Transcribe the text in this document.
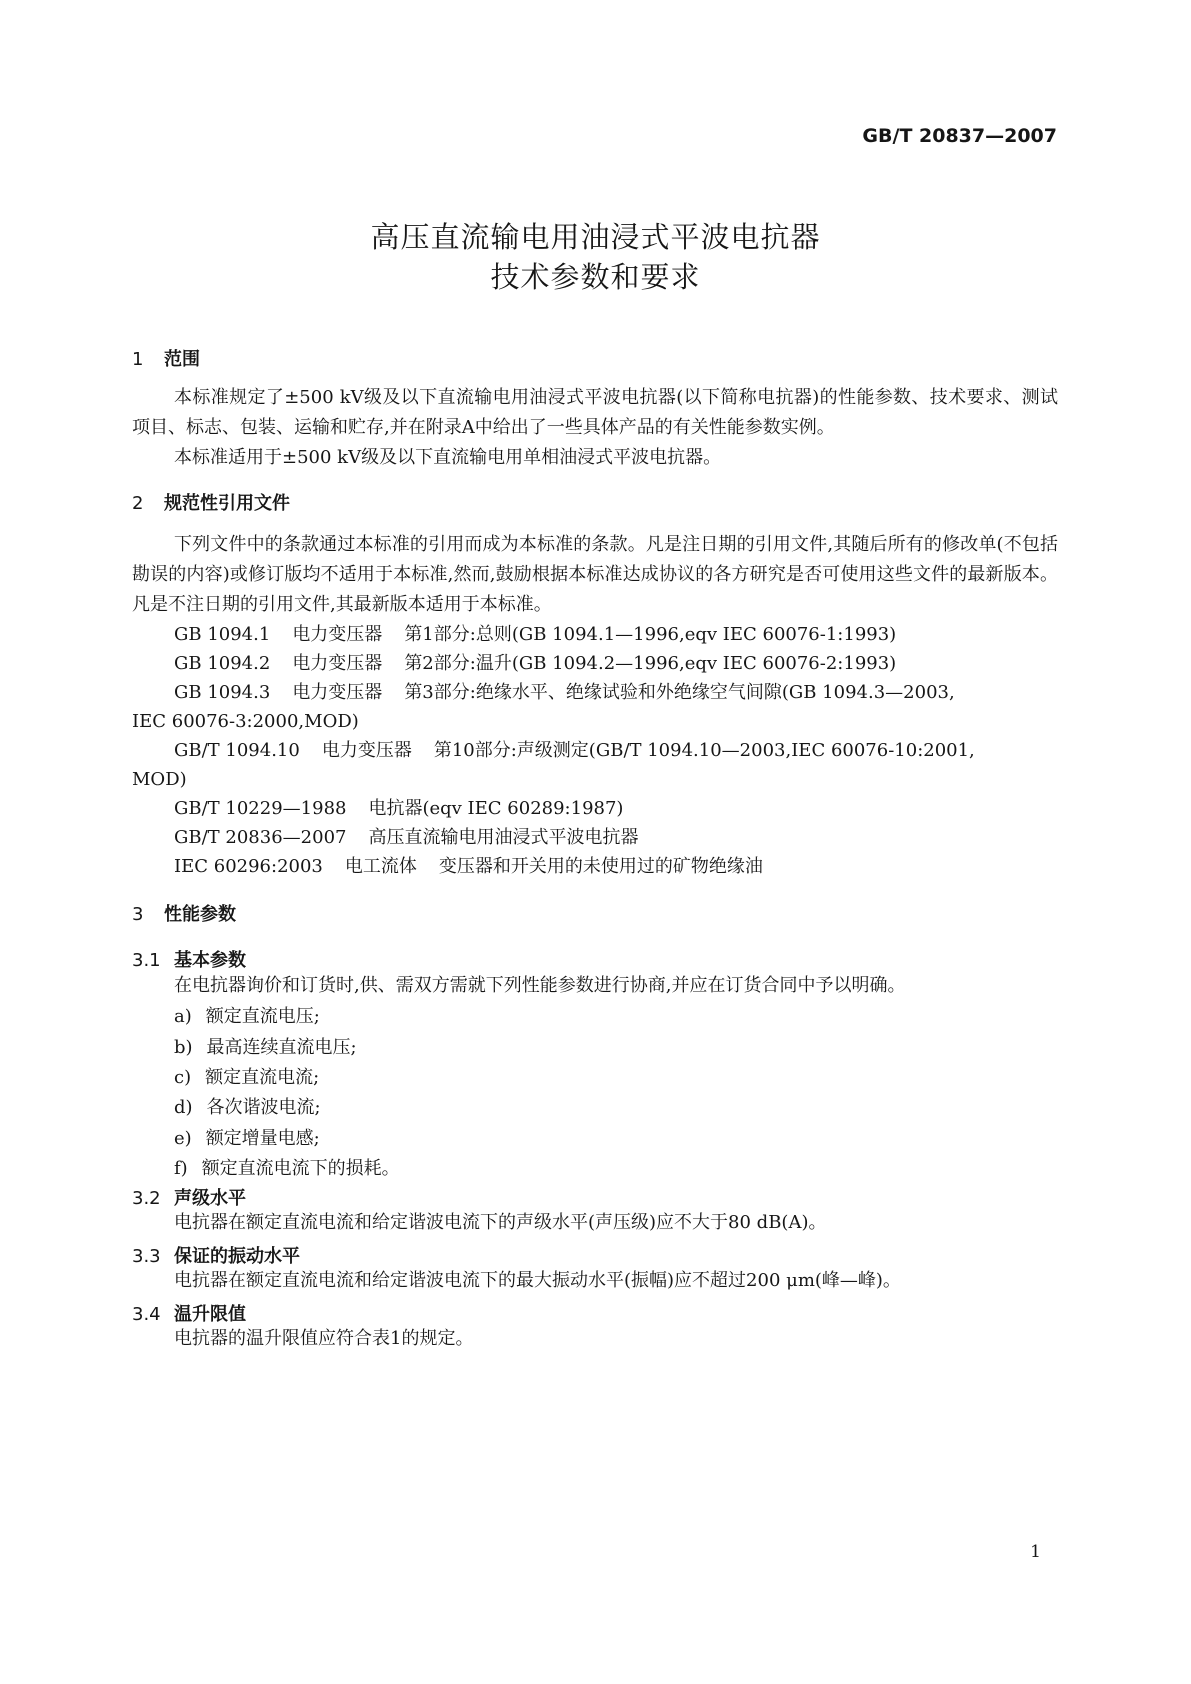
GB/T 20837—2007
高压直流输电用油浸式平波电抗器
技术参数和要求
1 范围
本标准规定了±500 kV级及以下直流输电用油浸式平波电抗器(以下简称电抗器)的性能参数、技术要求、测试项目、标志、包装、运输和贮存,并在附录A中给出了一些具体产品的有关性能参数实例。
本标准适用于±500 kV级及以下直流输电用单相油浸式平波电抗器。
2 规范性引用文件
下列文件中的条款通过本标准的引用而成为本标准的条款。凡是注日期的引用文件,其随后所有的修改单(不包括勘误的内容)或修订版均不适用于本标准,然而,鼓励根据本标准达成协议的各方研究是否可使用这些文件的最新版本。凡是不注日期的引用文件,其最新版本适用于本标准。
GB 1094.1 电力变压器 第1部分:总则(GB 1094.1—1996,eqv IEC 60076-1:1993)
GB 1094.2 电力变压器 第2部分:温升(GB 1094.2—1996,eqv IEC 60076-2:1993)
GB 1094.3 电力变压器 第3部分:绝缘水平、绝缘试验和外绝缘空气间隙(GB 1094.3—2003,
IEC 60076-3:2000,MOD)
GB/T 1094.10 电力变压器 第10部分:声级测定(GB/T 1094.10—2003,IEC 60076-10:2001,
MOD)
GB/T 10229—1988 电抗器(eqv IEC 60289:1987)
GB/T 20836—2007 高压直流输电用油浸式平波电抗器
IEC 60296:2003 电工流体 变压器和开关用的未使用过的矿物绝缘油
3 性能参数
3.1 基本参数
在电抗器询价和订货时,供、需双方需就下列性能参数进行协商,并应在订货合同中予以明确。
a) 额定直流电压;
b) 最高连续直流电压;
c) 额定直流电流;
d) 各次谐波电流;
e) 额定增量电感;
f) 额定直流电流下的损耗。
3.2 声级水平
电抗器在额定直流电流和给定谐波电流下的声级水平(声压级)应不大于80 dB(A)。
3.3 保证的振动水平
电抗器在额定直流电流和给定谐波电流下的最大振动水平(振幅)应不超过200 μm(峰—峰)。
3.4 温升限值
电抗器的温升限值应符合表1的规定。
1
